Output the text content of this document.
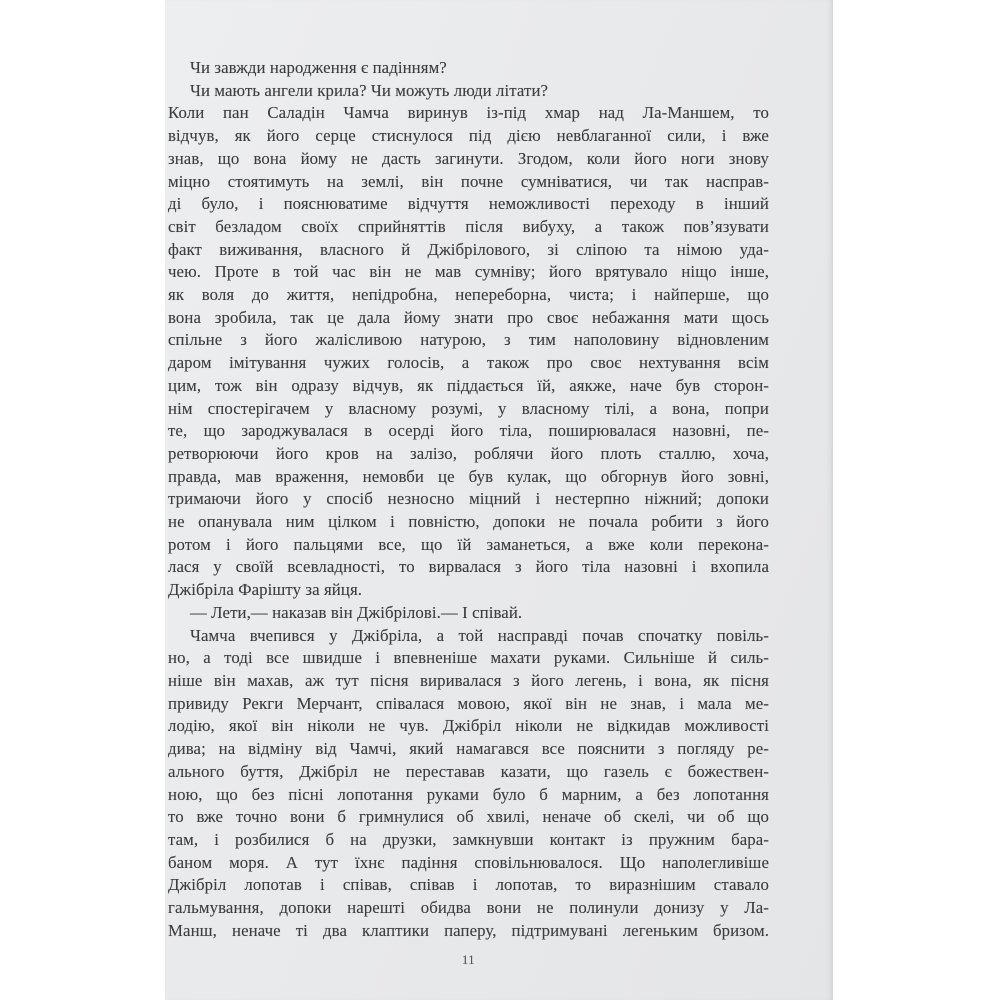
Чи завжди народження є падінням?
Чи мають ангели крила? Чи можуть люди літати?
Коли пан Саладін Чамча виринув із-під хмар над Ла-Маншем, то
відчув, як його серце стиснулося під дією невблаганної сили, і вже
знав, що вона йому не дасть загинути. Згодом, коли його ноги знову
міцно стоятимуть на землі, він почне сумніватися, чи так насправ-
ді було, і пояснюватиме відчуття неможливості переходу в інший
світ безладом своїх сприйняттів після вибуху, а також пов’язувати
факт виживання, власного й Джібрілового, зі сліпою та німою уда-
чею. Проте в той час він не мав сумніву; його врятувало ніщо інше,
як воля до життя, непідробна, непереборна, чиста; і найперше, що
вона зробила, так це дала йому знати про своє небажання мати щось
спільне з його жалісливою натурою, з тим наполовину відновленим
даром імітування чужих голосів, а також про своє нехтування всім
цим, тож він одразу відчув, як піддається їй, аякже, наче був сторон-
нім спостерігачем у власному розумі, у власному тілі, а вона, попри
те, що зароджувалася в осерді його тіла, поширювалася назовні, пе-
ретворюючи його кров на залізо, роблячи його плоть сталлю, хоча,
правда, мав враження, немовби це був кулак, що обгорнув його зовні,
тримаючи його у спосіб незносно міцний і нестерпно ніжний; допоки
не опанувала ним цілком і повністю, допоки не почала робити з його
ротом і його пальцями все, що їй заманеться, а вже коли перекона-
лася у своїй всевладності, то вирвалася з його тіла назовні і вхопила
Джібріла Фарішту за яйця.
— Лети,— наказав він Джібрілові.— І співай.
Чамча вчепився у Джібріла, а той насправді почав спочатку повіль-
но, а тоді все швидше і впевненіше махати руками. Сильніше й силь-
ніше він махав, аж тут пісня виривалася з його легень, і вона, як пісня
привиду Рекги Мерчант, співалася мовою, якої він не знав, і мала ме-
лодію, якої він ніколи не чув. Джібріл ніколи не відкидав можливості
дива; на відміну від Чамчі, який намагався все пояснити з погляду ре-
ального буття, Джібріл не переставав казати, що газель є божествен-
ною, що без пісні лопотання руками було б марним, а без лопотання
то вже точно вони б гримнулися об хвилі, неначе об скелі, чи об що
там, і розбилися б на друзки, замкнувши контакт із пружним бара-
баном моря. А тут їхнє падіння сповільнювалося. Що наполегливіше
Джібріл лопотав і співав, співав і лопотав, то виразнішим ставало
гальмування, допоки нарешті обидва вони не полинули донизу у Ла-
Манш, неначе ті два клаптики паперу, підтримувані легеньким бризом.
11
